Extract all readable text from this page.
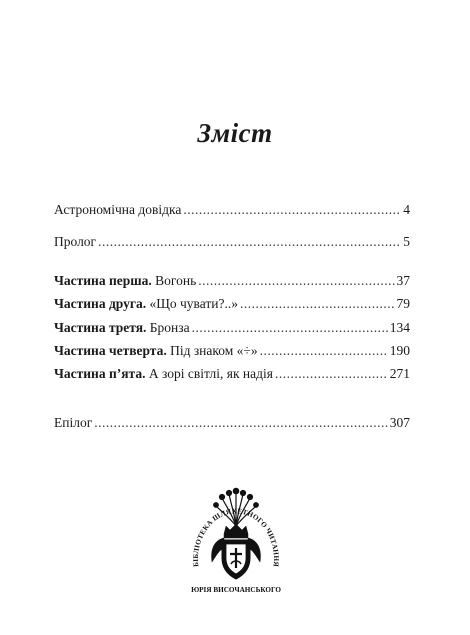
Зміст
Астрономічна довідка .....	4
Пролог .....	5
Частина перша. Вогонь .....	37
Частина друга. «Що чувати?..» .....	79
Частина третя. Бронза .....	134
Частина четверта. Під знаком «÷» .....	190
Частина п’ята. А зорі світлі, як надія .....	271
Епілог .....	307
БІБЛІОТЕКА ШЛЯХЕТНОГО ЧИТАННЯ
ЮРІЯ ВИСОЧАНСЬКОГО
